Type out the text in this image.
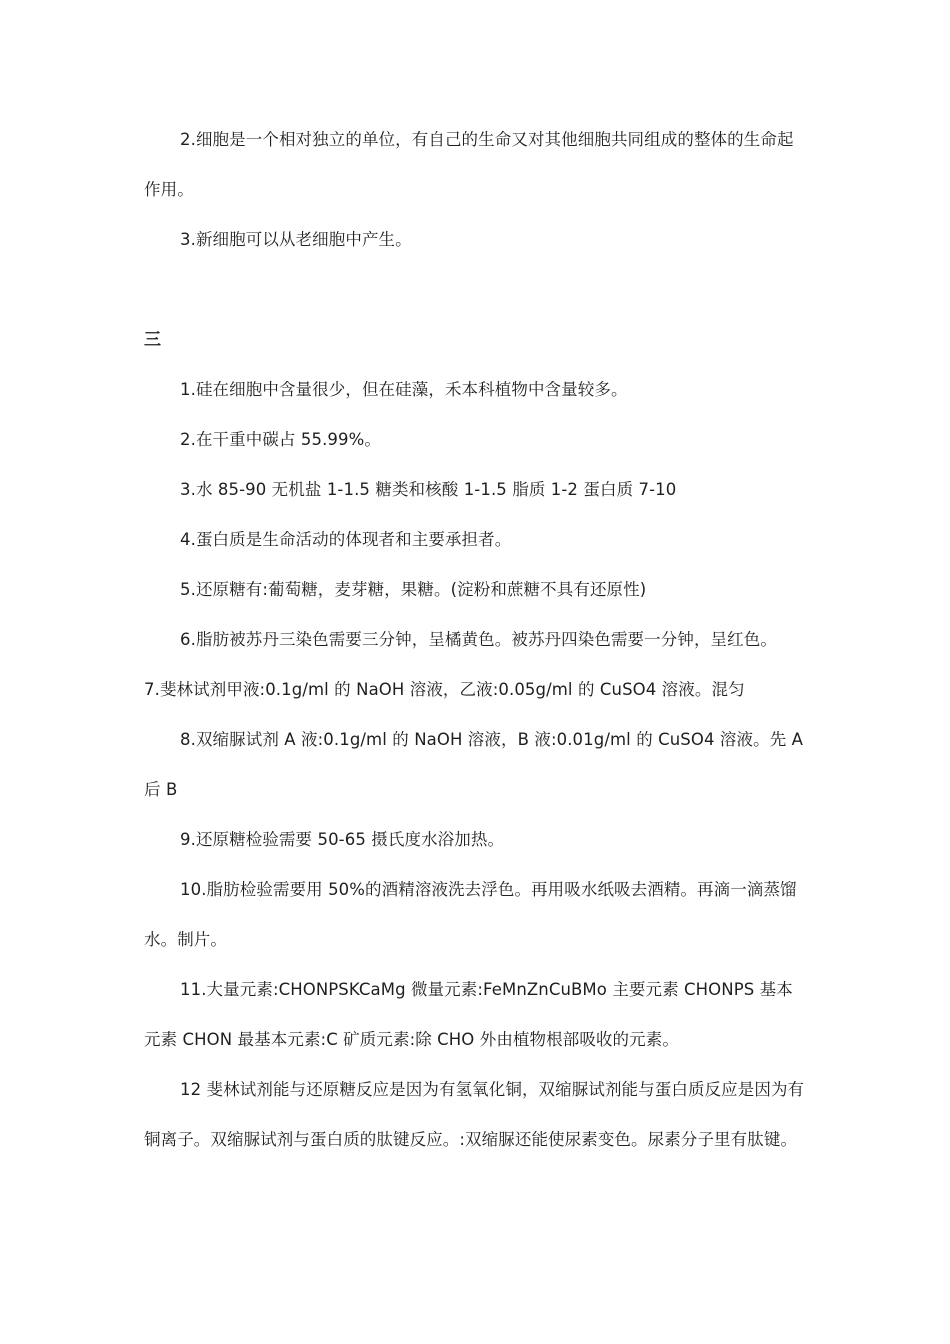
2.细胞是一个相对独立的单位，有自己的生命又对其他细胞共同组成的整体的生命起作用。

3.新细胞可以从老细胞中产生。

三

1.硅在细胞中含量很少，但在硅藻，禾本科植物中含量较多。

2.在干重中碳占 55.99%。

3.水 85-90 无机盐 1-1.5 糖类和核酸 1-1.5 脂质 1-2 蛋白质 7-10

4.蛋白质是生命活动的体现者和主要承担者。

5.还原糖有:葡萄糖，麦芽糖，果糖。(淀粉和蔗糖不具有还原性)

6.脂肪被苏丹三染色需要三分钟，呈橘黄色。被苏丹四染色需要一分钟，呈红色。

7.斐林试剂甲液:0.1g/ml 的 NaOH 溶液，乙液:0.05g/ml 的 CuSO4 溶液。混匀

8.双缩脲试剂 A 液:0.1g/ml 的 NaOH 溶液，B 液:0.01g/ml 的 CuSO4 溶液。先 A 后 B

9.还原糖检验需要 50-65 摄氏度水浴加热。

10.脂肪检验需要用 50%的酒精溶液洗去浮色。再用吸水纸吸去酒精。再滴一滴蒸馏水。制片。

11.大量元素:CHONPSKCaMg 微量元素:FeMnZnCuBMo 主要元素 CHONPS 基本元素 CHON 最基本元素:C 矿质元素:除 CHO 外由植物根部吸收的元素。

12 斐林试剂能与还原糖反应是因为有氢氧化铜，双缩脲试剂能与蛋白质反应是因为有铜离子。双缩脲试剂与蛋白质的肽键反应。:双缩脲还能使尿素变色。尿素分子里有肽键。
